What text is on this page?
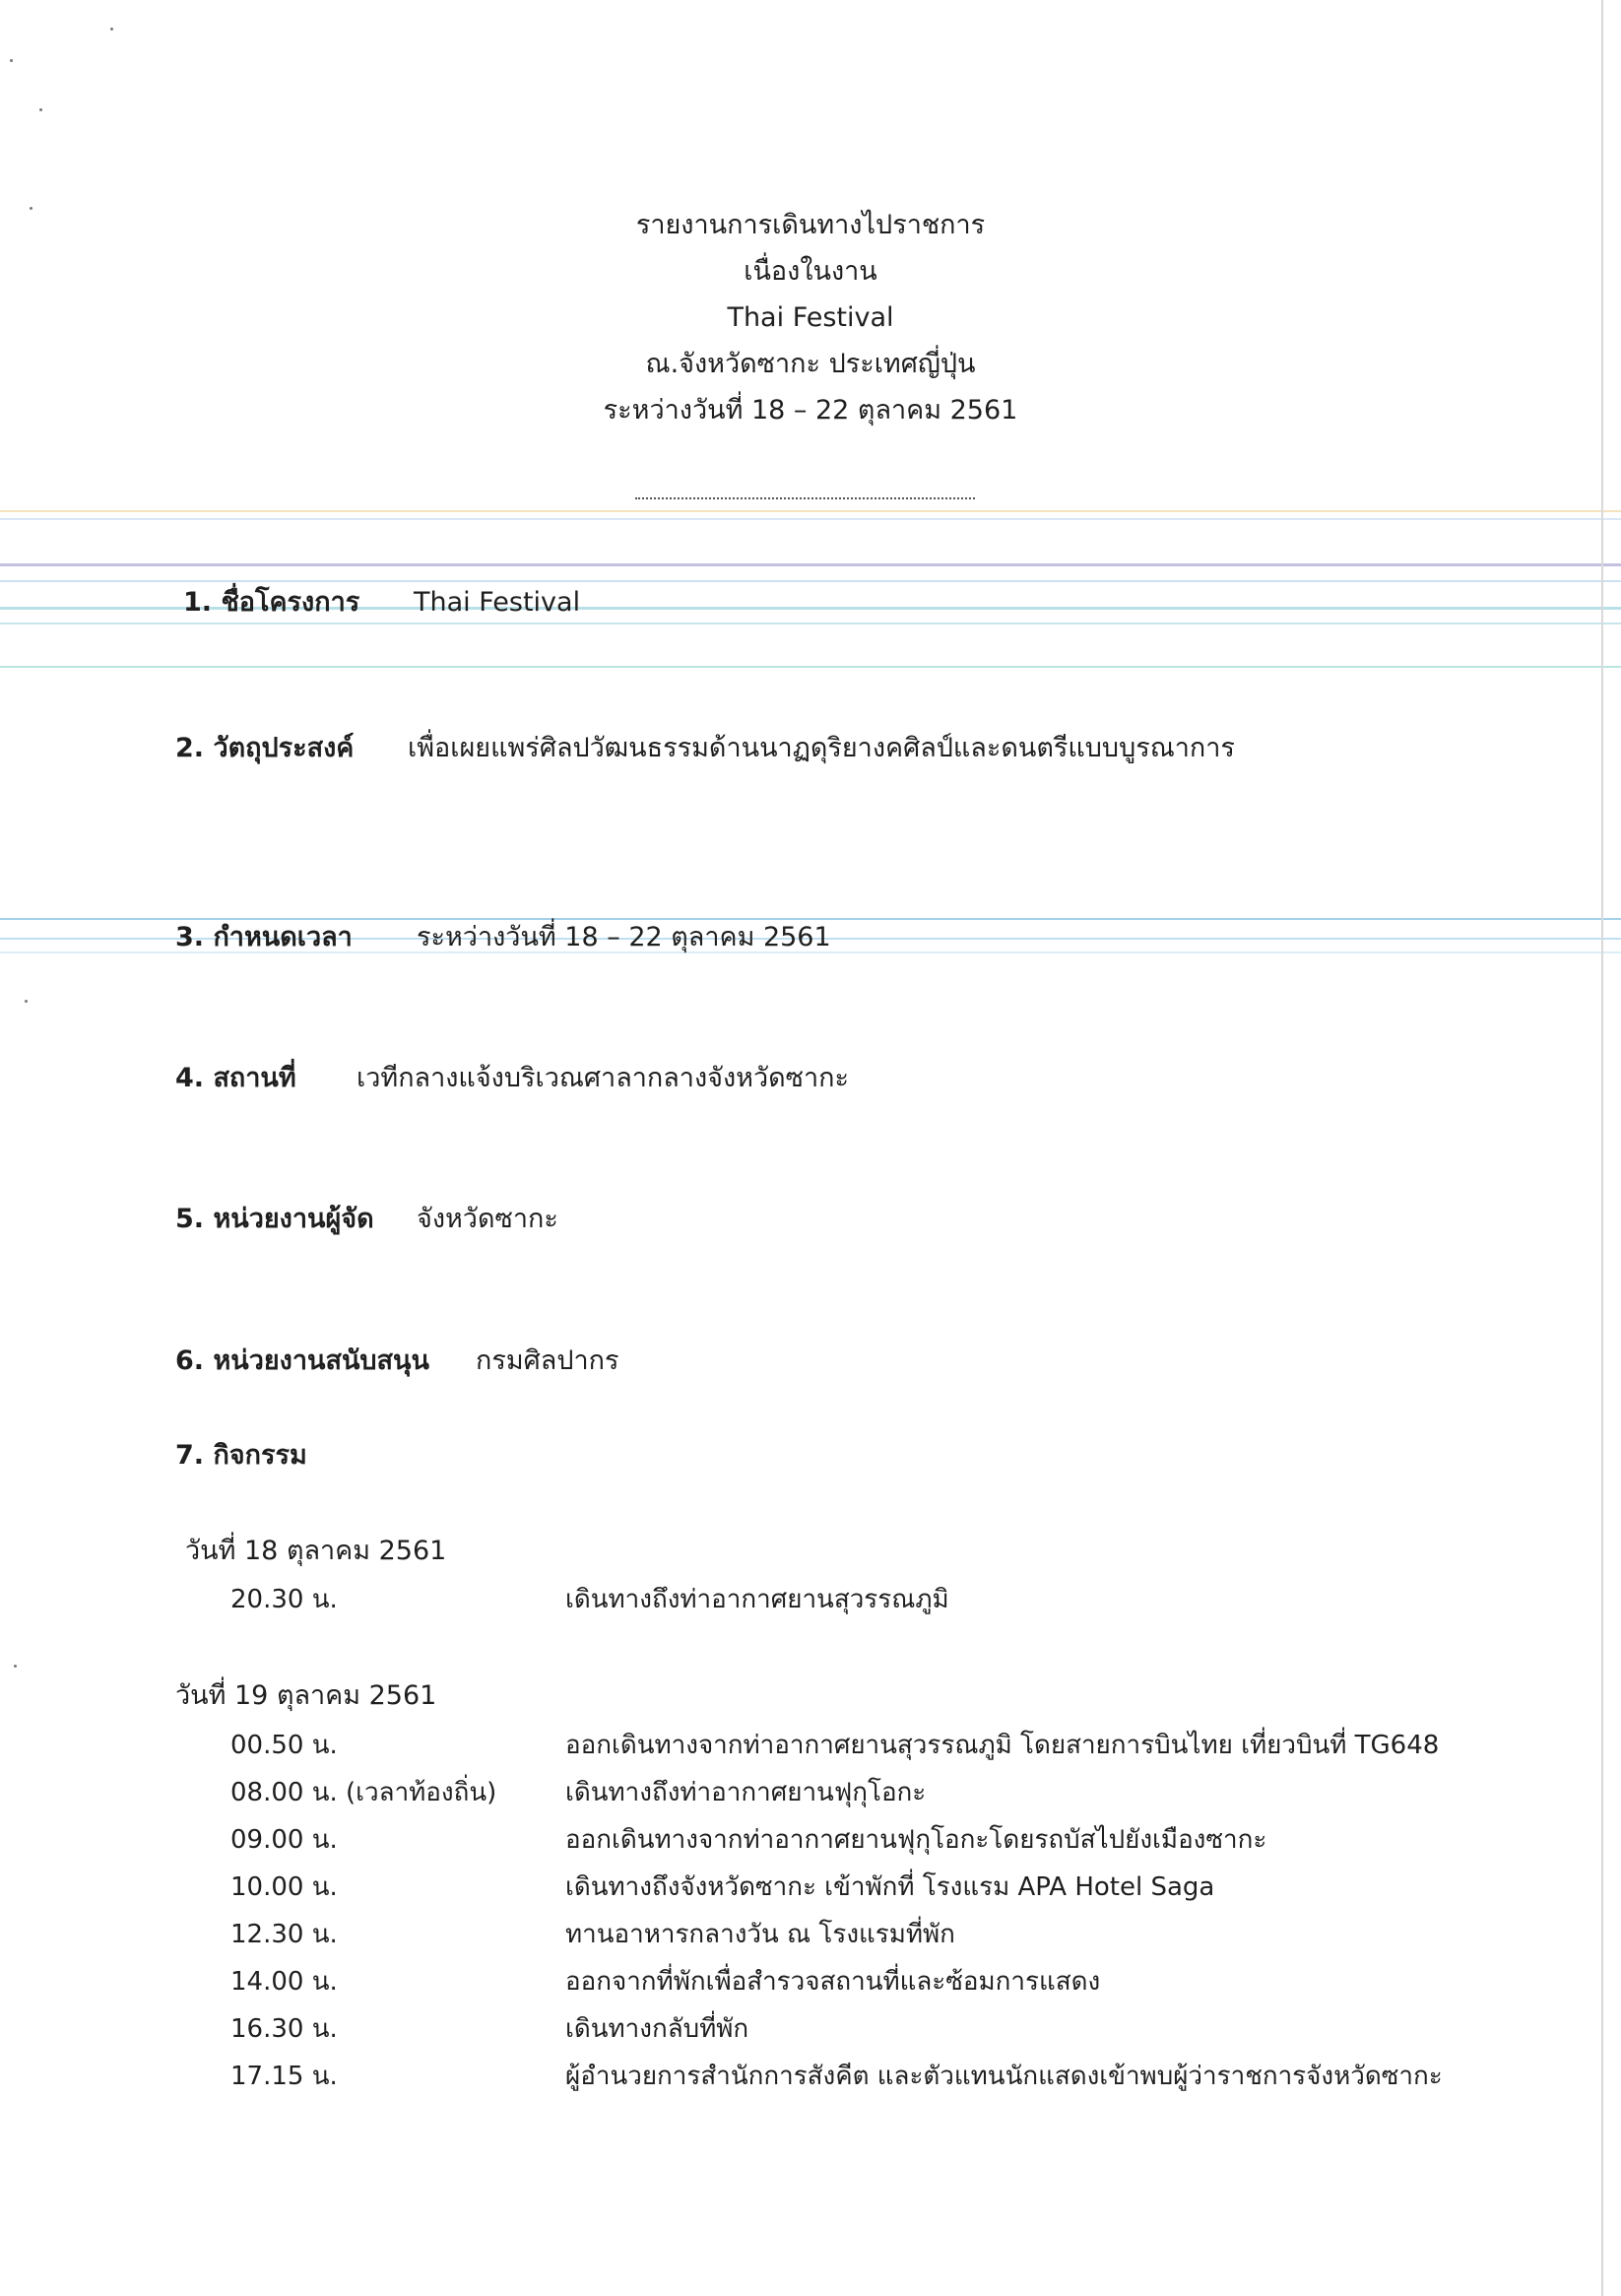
รายงานการเดินทางไปราชการ
เนื่องในงาน
Thai Festival
ณ.จังหวัดซากะ ประเทศญี่ปุ่น
ระหว่างวันที่ 18 – 22 ตุลาคม 2561
1. ชื่อโครงการ Thai Festival
2. วัตถุประสงค์ เพื่อเผยแพร่ศิลปวัฒนธรรมด้านนาฏดุริยางคศิลป์และดนตรีแบบบูรณาการ
3. กำหนดเวลา ระหว่างวันที่ 18 – 22 ตุลาคม 2561
4. สถานที่ เวทีกลางแจ้งบริเวณศาลากลางจังหวัดซากะ
5. หน่วยงานผู้จัด จังหวัดซากะ
6. หน่วยงานสนับสนุน กรมศิลปากร
7. กิจกรรม
วันที่ 18 ตุลาคม 2561
20.30 น.	เดินทางถึงท่าอากาศยานสุวรรณภูมิ
วันที่ 19 ตุลาคม 2561
00.50 น.	ออกเดินทางจากท่าอากาศยานสุวรรณภูมิ โดยสายการบินไทย เที่ยวบินที่ TG648
08.00 น. (เวลาท้องถิ่น)	เดินทางถึงท่าอากาศยานฟุกุโอกะ
09.00 น.	ออกเดินทางจากท่าอากาศยานฟุกุโอกะโดยรถบัสไปยังเมืองซากะ
10.00 น.	เดินทางถึงจังหวัดซากะ เข้าพักที่ โรงแรม APA Hotel Saga
12.30 น.	ทานอาหารกลางวัน ณ โรงแรมที่พัก
14.00 น.	ออกจากที่พักเพื่อสำรวจสถานที่และซ้อมการแสดง
16.30 น.	เดินทางกลับที่พัก
17.15 น.	ผู้อำนวยการสำนักการสังคีต และตัวแทนนักแสดงเข้าพบผู้ว่าราชการจังหวัดซากะ
